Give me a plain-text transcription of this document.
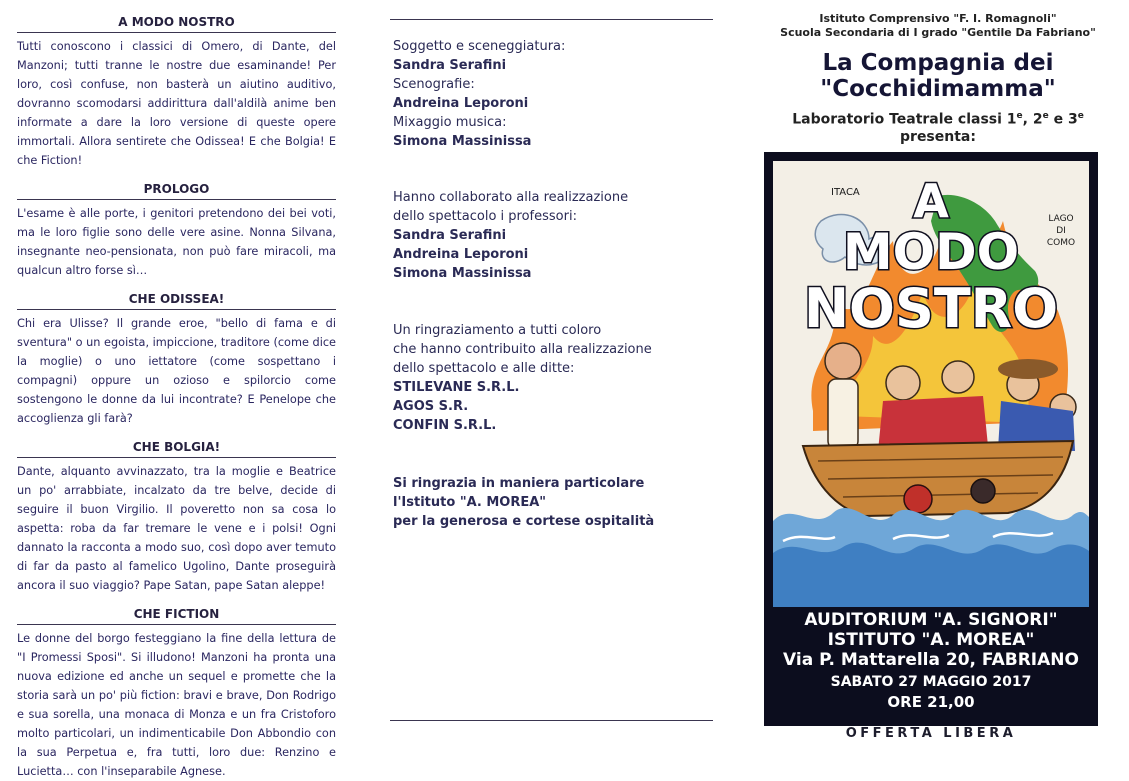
A MODO NOSTRO
Tutti conoscono i classici di Omero, di Dante, del Manzoni; tutti tranne le nostre due esaminande! Per loro, così confuse, non basterà un aiutino auditivo, dovranno scomodarsi addirittura dall'aldilà anime ben informate a dare la loro versione di queste opere immortali. Allora sentirete che Odissea! E che Bolgia! E che Fiction!
PROLOGO
L'esame è alle porte, i genitori pretendono dei bei voti, ma le loro figlie sono delle vere asine. Nonna Silvana, insegnante neo-pensionata, non può fare miracoli, ma qualcun altro forse sì…
CHE ODISSEA!
Chi era Ulisse? Il grande eroe, "bello di fama e di sventura" o un egoista, impiccione, traditore (come dice la moglie) o uno iettatore (come sospettano i compagni) oppure un ozioso e spilorcio come sostengono le donne da lui incontrate? E Penelope che accoglienza gli farà?
CHE BOLGIA!
Dante, alquanto avvinazzato, tra la moglie e Beatrice un po' arrabbiate, incalzato da tre belve, decide di seguire il buon Virgilio. Il poveretto non sa cosa lo aspetta: roba da far tremare le vene e i polsi! Ogni dannato la racconta a modo suo, così dopo aver temuto di far da pasto al famelico Ugolino, Dante proseguirà ancora il suo viaggio? Pape Satan, pape Satan aleppe!
CHE FICTION
Le donne del borgo festeggiano la fine della lettura de "I Promessi Sposi". Si illudono! Manzoni ha pronta una nuova edizione ed anche un sequel e promette che la storia sarà un po' più fiction: bravi e brave, Don Rodrigo e sua sorella, una monaca di Monza e un fra Cristoforo molto particolari, un indimenticabile Don Abbondio con la sua Perpetua e, fra tutti, loro due: Renzino e Lucietta… con l'inseparabile Agnese.
Soggetto e sceneggiatura:
Sandra Serafini
Scenografie:
Andreina Leporoni
Mixaggio musica:
Simona Massinissa
Hanno collaborato alla realizzazione
dello spettacolo i professori:
Sandra Serafini
Andreina Leporoni
Simona Massinissa
Un ringraziamento a tutti coloro
che hanno contribuito alla realizzazione
dello spettacolo e alle ditte:
STILEVANE S.R.L.
AGOS S.R.
CONFIN S.R.L.
Si ringrazia in maniera particolare
l'Istituto "A. MOREA"
per la generosa e cortese ospitalità
Istituto Comprensivo "F. I. Romagnoli"
Scuola Secondaria di I grado "Gentile Da Fabriano"
La Compagnia dei
"Cocchidimamma"
Laboratorio Teatrale classi 1e, 2e e 3e
presenta:
A
MODO
NOSTRO
ITACA
LAGO
DI
COMO
AUDITORIUM "A. SIGNORI"
ISTITUTO "A. MOREA"
Via P. Mattarella 20, FABRIANO
SABATO 27 MAGGIO 2017
ORE 21,00
OFFERTA LIBERA
